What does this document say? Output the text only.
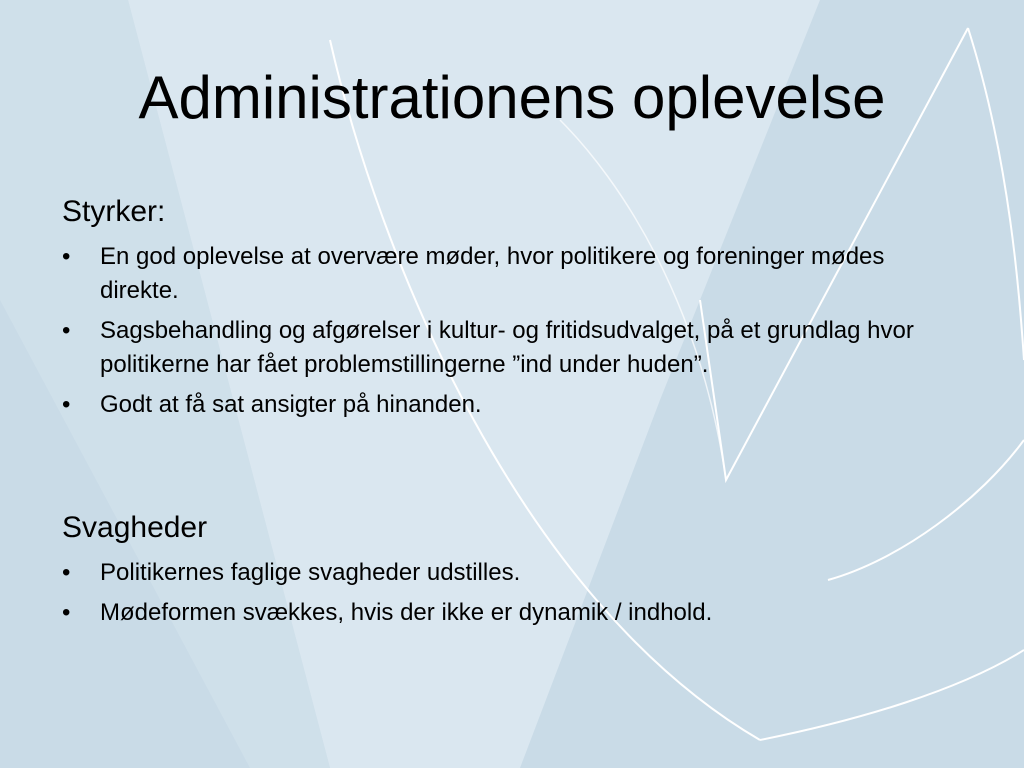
Administrationens oplevelse
Styrker:
• En god oplevelse at overvære møder, hvor politikere og foreninger mødes direkte.
• Sagsbehandling og afgørelser i kultur- og fritidsudvalget, på et grundlag hvor politikerne har fået problemstillingerne ”ind under huden”.
• Godt at få sat ansigter på hinanden.
Svagheder
• Politikernes faglige svagheder udstilles.
• Mødeformen svækkes, hvis der ikke er dynamik / indhold.
